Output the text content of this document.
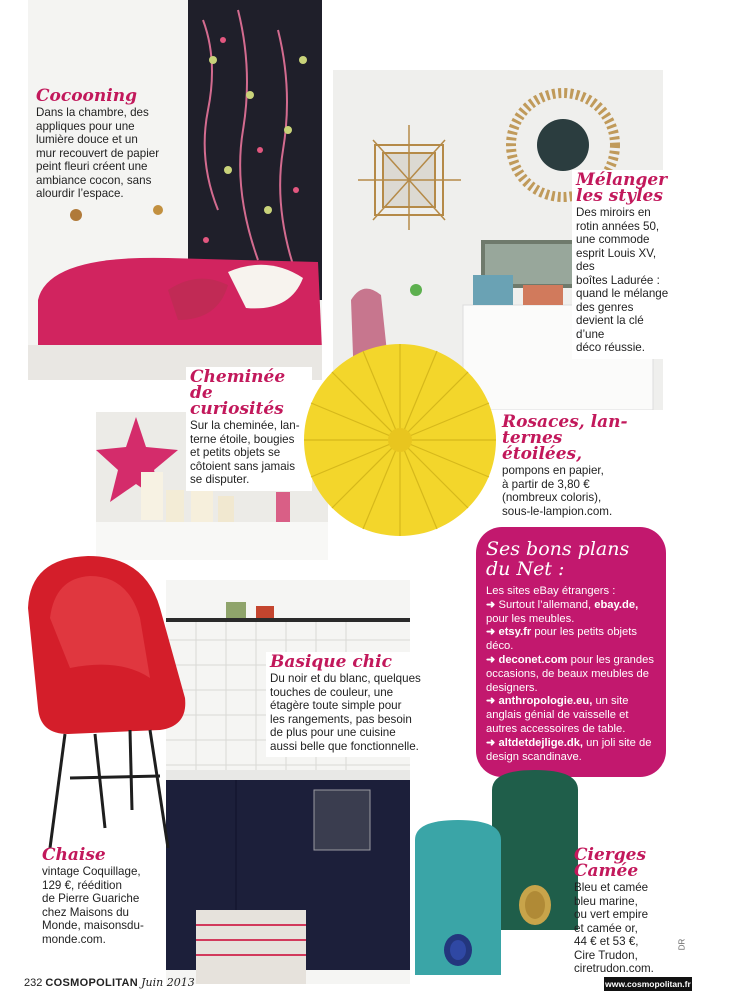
Cocooning
Dans la chambre, des
appliques pour une
lumière douce et un
mur recouvert de papier
peint fleuri créent une
ambiance cocon, sans
alourdir l’espace.
Mélanger
les styles
Des miroirs en
rotin années 50,
une commode
esprit Louis XV, des
boîtes Ladurée :
quand le mélange
des genres
devient la clé d’une
déco réussie.
Cheminée de
curiosités
Sur la cheminée, lan-
terne étoile, bougies
et petits objets se
côtoient sans jamais
se disputer.
Rosaces, lan-
ternes étoilées,
pompons en papier,
à partir de 3,80 €
(nombreux coloris),
sous-le-lampion.com.
Ses bons plans
du Net :
Les sites eBay étrangers :
➜ Surtout l’allemand, ebay.de, pour les meubles.
➜ etsy.fr pour les petits objets déco.
➜ deconet.com pour les grandes occasions, de beaux meubles de designers.
➜ anthropologie.eu, un site anglais génial de vaisselle et autres accessoires de table.
➜ altdetdejlige.dk, un joli site de design scandinave.
Basique chic
Du noir et du blanc, quelques
touches de couleur, une
étagère toute simple pour
les rangements, pas besoin
de plus pour une cuisine
aussi belle que fonctionnelle.
Chaise
vintage Coquillage,
129 €, réédition
de Pierre Guariche
chez Maisons du
Monde, maisonsdu-
monde.com.
Cierges
Camée
Bleu et camée
bleu marine,
ou vert empire
et camée or,
44 € et 53 €,
Cire Trudon,
ciretrudon.com.
DR
232 COSMOPOLITAN Juin 2013	www.cosmopolitan.fr
